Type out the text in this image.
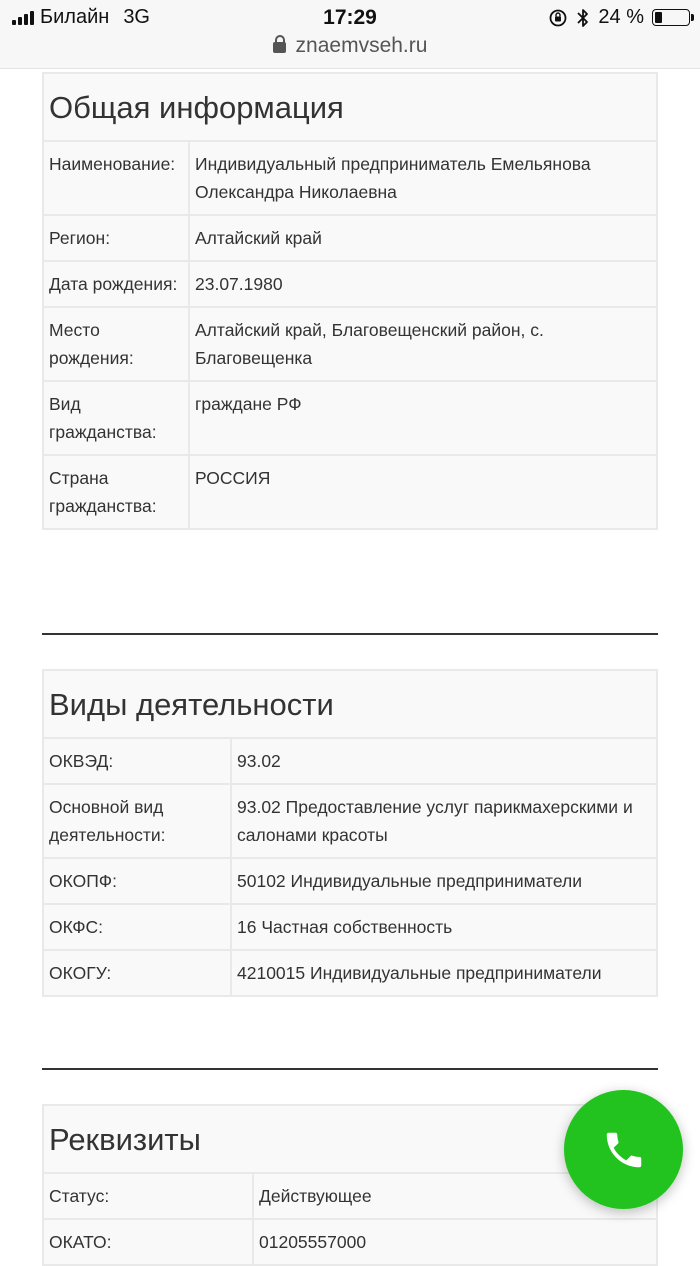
Билайн 3G	17:29	24 %
znaemvseh.ru
Общая информация	
Наименование:	Индивидуальный предприниматель Емельянова Олександра Николаевна
Регион:	Алтайский край
Дата рождения:	23.07.1980
Место рождения:	Алтайский край, Благовещенский район, с. Благовещенка
Вид гражданства:	граждане РФ
Страна гражданства:	РОССИЯ
Виды деятельности	
ОКВЭД:	93.02
Основной вид деятельности:	93.02 Предоставление услуг парикмахерскими и салонами красоты
ОКОПФ:	50102 Индивидуальные предприниматели
ОКФС:	16 Частная собственность
ОКОГУ:	4210015 Индивидуальные предприниматели
Реквизиты	
Статус:	Действующее
ОКАТО:	01205557000
